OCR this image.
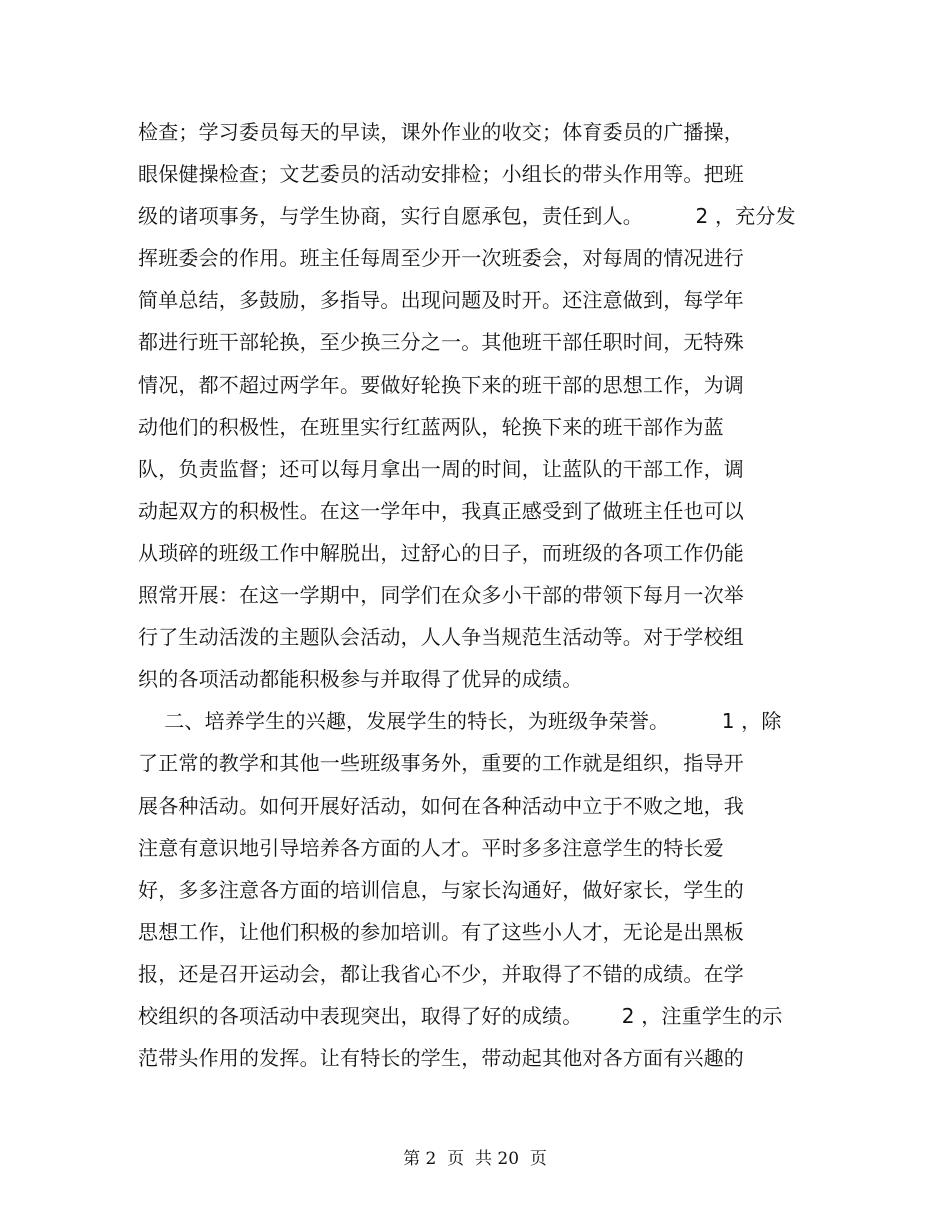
检查；学习委员每天的早读，课外作业的收交；体育委员的广播操，
眼保健操检查；文艺委员的活动安排检；小组长的带头作用等。把班
级的诸项事务，与学生协商，实行自愿承包，责任到人。        2 ，充分发
挥班委会的作用。班主任每周至少开一次班委会，对每周的情况进行
简单总结，多鼓励，多指导。出现问题及时开。还注意做到，每学年
都进行班干部轮换，至少换三分之一。其他班干部任职时间，无特殊
情况，都不超过两学年。要做好轮换下来的班干部的思想工作，为调
动他们的积极性，在班里实行红蓝两队，轮换下来的班干部作为蓝
队，负责监督；还可以每月拿出一周的时间，让蓝队的干部工作，调
动起双方的积极性。在这一学年中，我真正感受到了做班主任也可以
从琐碎的班级工作中解脱出，过舒心的日子，而班级的各项工作仍能
照常开展：在这一学期中，同学们在众多小干部的带领下每月一次举
行了生动活泼的主题队会活动，人人争当规范生活动等。对于学校组
织的各项活动都能积极参与并取得了优异的成绩。
二、培养学生的兴趣，发展学生的特长，为班级争荣誉。        1 ，除
了正常的教学和其他一些班级事务外，重要的工作就是组织，指导开
展各种活动。如何开展好活动，如何在各种活动中立于不败之地，我
注意有意识地引导培养各方面的人才。平时多多注意学生的特长爱
好，多多注意各方面的培训信息，与家长沟通好，做好家长，学生的
思想工作，让他们积极的参加培训。有了这些小人才，无论是出黑板
报，还是召开运动会，都让我省心不少，并取得了不错的成绩。在学
校组织的各项活动中表现突出，取得了好的成绩。      2 ，注重学生的示
范带头作用的发挥。让有特长的学生，带动起其他对各方面有兴趣的
第 2  页  共 20  页
